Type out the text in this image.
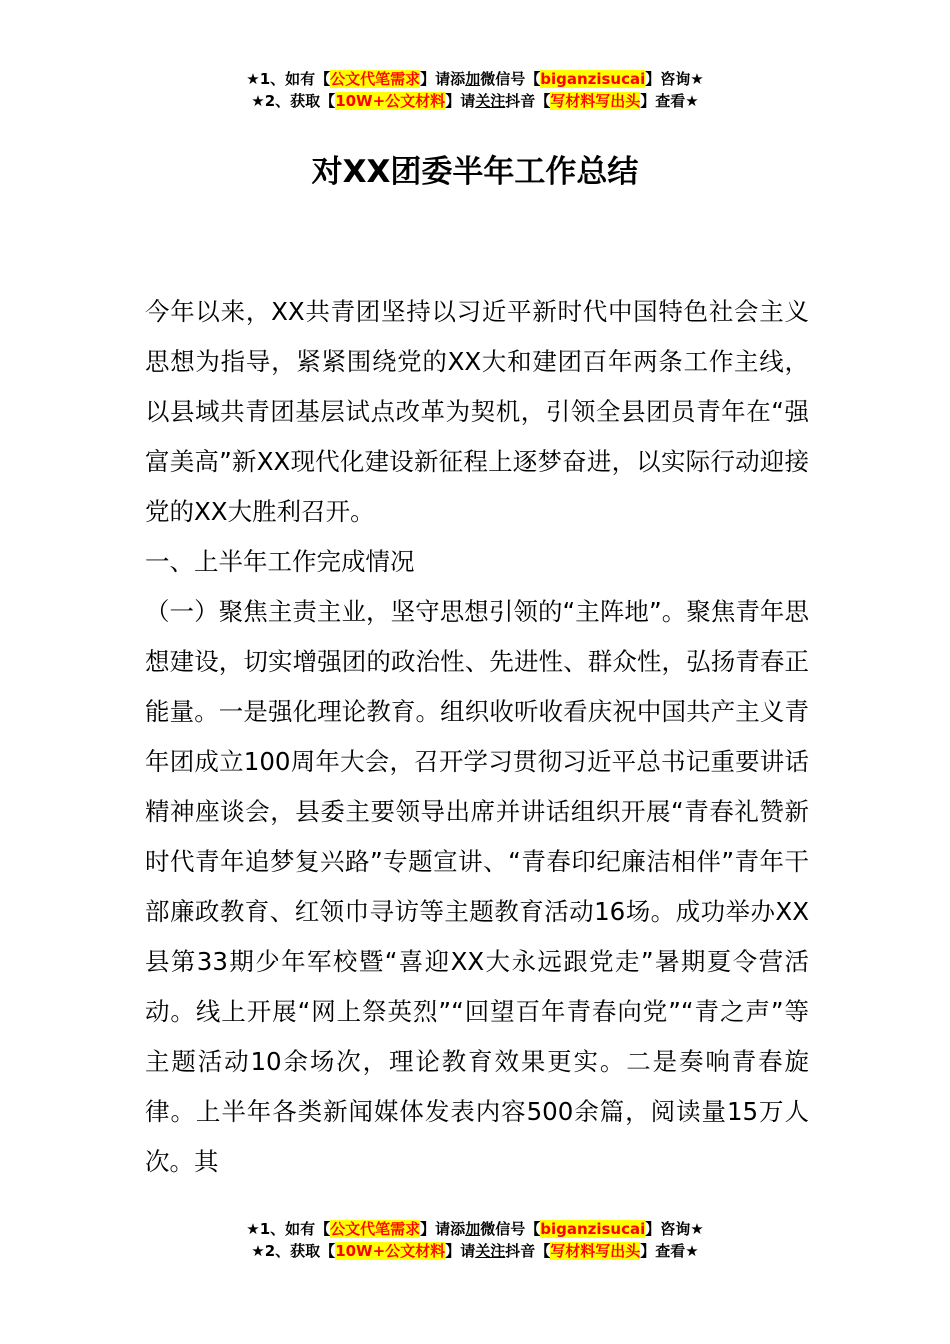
★1、如有【公文代笔需求】请添加微信号【biganzisucai】咨询★
★2、获取【10W+公文材料】请关注抖音【写材料写出头】查看★
对XX团委半年工作总结

今年以来，XX共青团坚持以习近平新时代中国特色社会主义思想为指导，紧紧围绕党的XX大和建团百年两条工作主线，以县域共青团基层试点改革为契机，引领全县团员青年在“强富美高”新XX现代化建设新征程上逐梦奋进，以实际行动迎接党的XX大胜利召开。

一、上半年工作完成情况

（一）聚焦主责主业，坚守思想引领的“主阵地”。聚焦青年思想建设，切实增强团的政治性、先进性、群众性，弘扬青春正能量。一是强化理论教育。组织收听收看庆祝中国共产主义青年团成立100周年大会，召开学习贯彻习近平总书记重要讲话精神座谈会，县委主要领导出席并讲话组织开展“青春礼赞新时代青年追梦复兴路”专题宣讲、“青春印纪廉洁相伴”青年干部廉政教育、红领巾寻访等主题教育活动16场。成功举办XX县第33期少年军校暨“喜迎XX大永远跟党走”暑期夏令营活动。线上开展“网上祭英烈”“回望百年青春向党”“青之声”等主题活动10余场次，理论教育效果更实。二是奏响青春旋律。上半年各类新闻媒体发表内容500余篇，阅读量15万人次。其

★1、如有【公文代笔需求】请添加微信号【biganzisucai】咨询★
★2、获取【10W+公文材料】请关注抖音【写材料写出头】查看★
